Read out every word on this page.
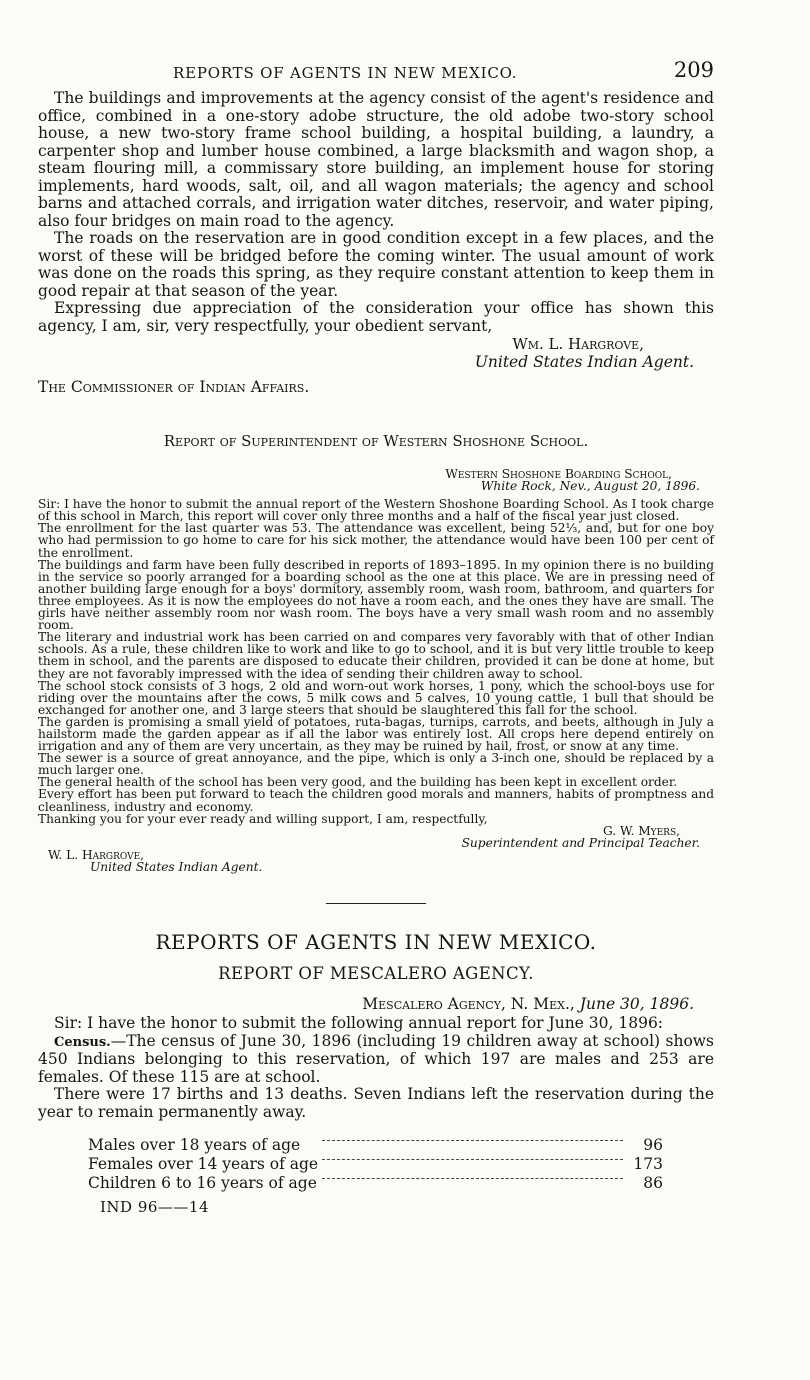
REPORTS OF AGENTS IN NEW MEXICO.	209

The buildings and improvements at the agency consist of the agent's residence and office, combined in a one-story adobe structure, the old adobe two-story school house, a new two-story frame school building, a hospital building, a laundry, a carpenter shop and lumber house combined, a large blacksmith and wagon shop, a steam flouring mill, a commissary store building, an implement house for storing implements, hard woods, salt, oil, and all wagon materials; the agency and school barns and attached corrals, and irrigation water ditches, reservoir, and water piping, also four bridges on main road to the agency.

The roads on the reservation are in good condition except in a few places, and the worst of these will be bridged before the coming winter. The usual amount of work was done on the roads this spring, as they require constant attention to keep them in good repair at that season of the year.

Expressing due appreciation of the consideration your office has shown this agency, I am, sir, very respectfully, your obedient servant,

Wm. L. Hargrove,
United States Indian Agent.
The Commissioner of Indian Affairs.
Report of Superintendent of Western Shoshone School.
Western Shoshone Boarding School,
White Rock, Nev., August 20, 1896.

Sir: I have the honor to submit the annual report of the Western Shoshone Boarding School. As I took charge of this school in March, this report will cover only three months and a half of the fiscal year just closed.

The enrollment for the last quarter was 53. The attendance was excellent, being 52⅓, and, but for one boy who had permission to go home to care for his sick mother, the attendance would have been 100 per cent of the enrollment.

The buildings and farm have been fully described in reports of 1893–1895. In my opinion there is no building in the service so poorly arranged for a boarding school as the one at this place. We are in pressing need of another building large enough for a boys' dormitory, assembly room, wash room, bathroom, and quarters for three employees. As it is now the employees do not have a room each, and the ones they have are small. The girls have neither assembly room nor wash room. The boys have a very small wash room and no assembly room.

The literary and industrial work has been carried on and compares very favorably with that of other Indian schools. As a rule, these children like to work and like to go to school, and it is but very little trouble to keep them in school, and the parents are disposed to educate their children, provided it can be done at home, but they are not favorably impressed with the idea of sending their children away to school.

The school stock consists of 3 hogs, 2 old and worn-out work horses, 1 pony, which the school-boys use for riding over the mountains after the cows, 5 milk cows and 5 calves, 10 young cattle, 1 bull that should be exchanged for another one, and 3 large steers that should be slaughtered this fall for the school.

The garden is promising a small yield of potatoes, ruta-bagas, turnips, carrots, and beets, although in July a hailstorm made the garden appear as if all the labor was entirely lost. All crops here depend entirely on irrigation and any of them are very uncertain, as they may be ruined by hail, frost, or snow at any time.

The sewer is a source of great annoyance, and the pipe, which is only a 3-inch one, should be replaced by a much larger one.

The general health of the school has been very good, and the building has been kept in excellent order.

Every effort has been put forward to teach the children good morals and manners, habits of promptness and cleanliness, industry and economy.

Thanking you for your ever ready and willing support, I am, respectfully,

G. W. Myers,
Superintendent and Principal Teacher.
W. L. Hargrove,
United States Indian Agent.
REPORTS OF AGENTS IN NEW MEXICO.
REPORT OF MESCALERO AGENCY.
Mescalero Agency, N. Mex., June 30, 1896.

Sir: I have the honor to submit the following annual report for June 30, 1896:

Census.—The census of June 30, 1896 (including 19 children away at school) shows 450 Indians belonging to this reservation, of which 197 are males and 253 are females. Of these 115 are at school.

There were 17 births and 13 deaths. Seven Indians left the reservation during the year to remain permanently away.

Males over 18 years of age		96
Females over 14 years of age		173
Children 6 to 16 years of age		86
IND 96——14
